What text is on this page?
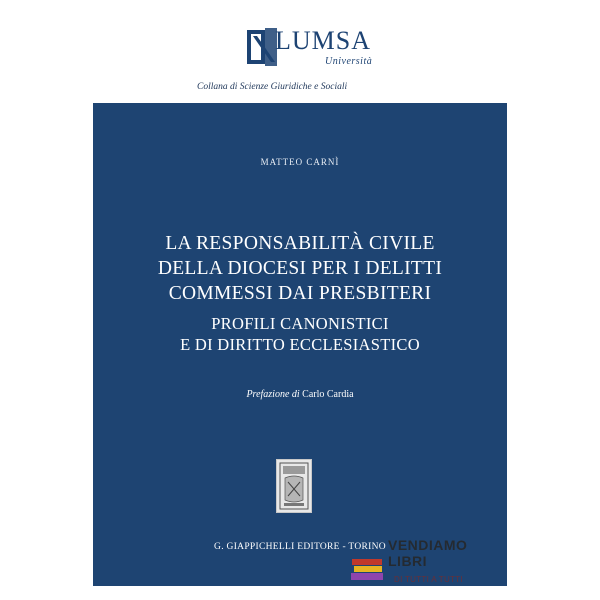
LUMSA
Università
Collana di Scienze Giuridiche e Sociali
MATTEO CARNÌ
LA RESPONSABILITÀ CIVILE
DELLA DIOCESI PER I DELITTI
COMMESSI DAI PRESBITERI
PROFILI CANONISTICI
E DI DIRITTO ECCLESIASTICO
Prefazione di Carlo Cardia
G. GIAPPICHELLI EDITORE - TORINO VENDIAMO
LIBRI
DI TUTTI A TUTTI
